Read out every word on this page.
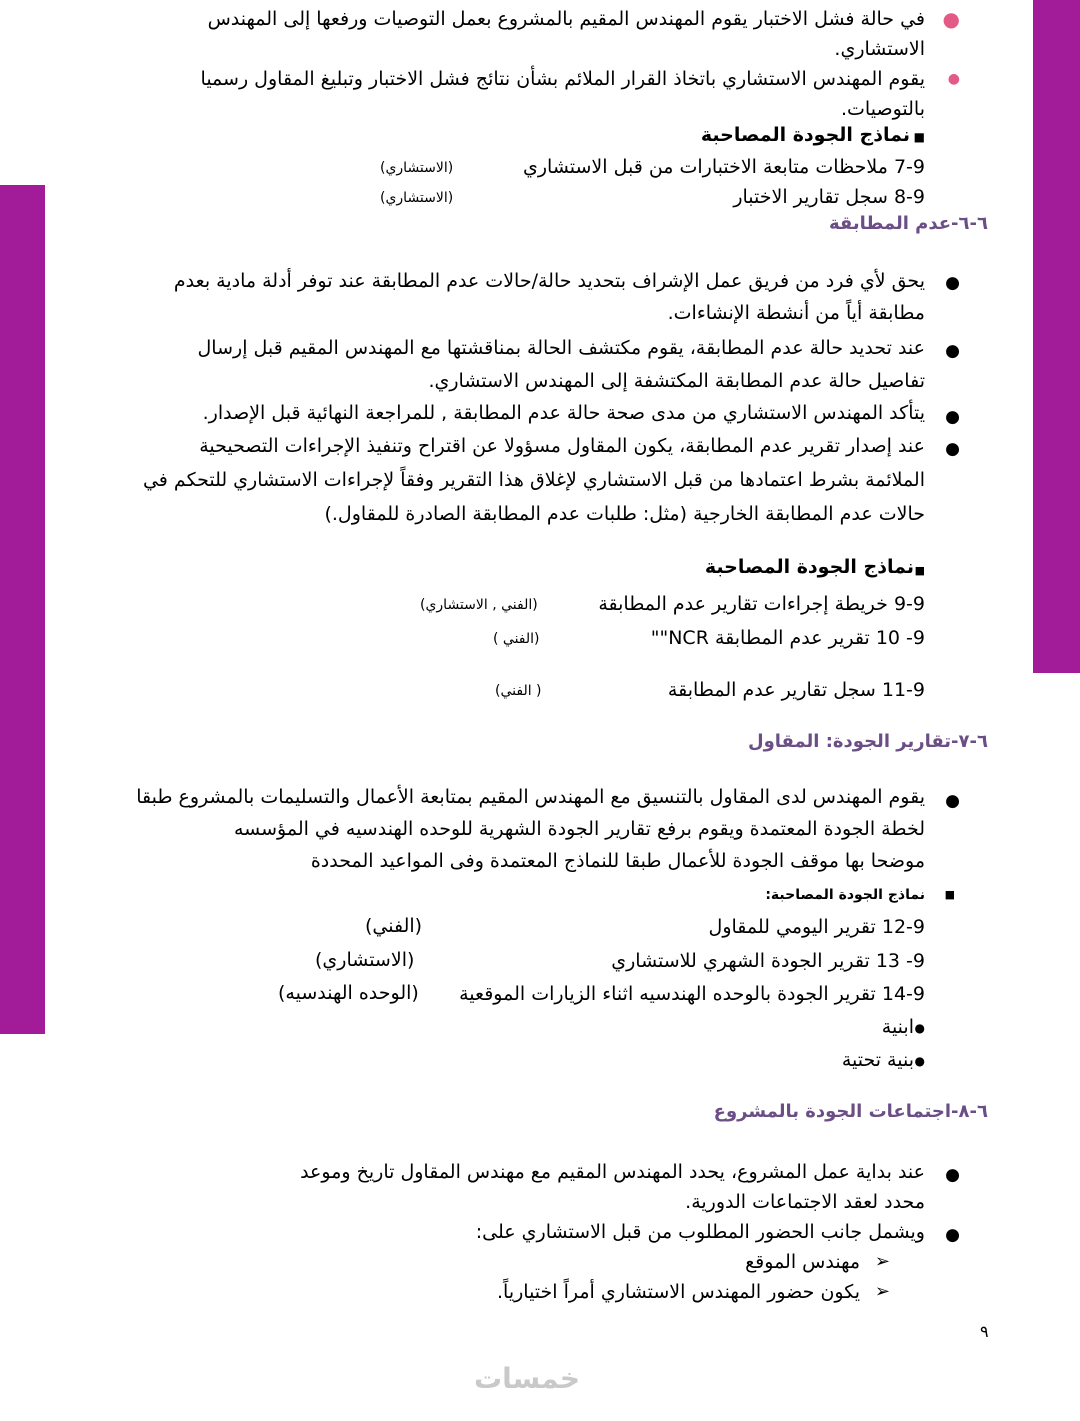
●
في حالة فشل الاختبار يقوم المهندس المقيم بالمشروع بعمل التوصيات ورفعها إلى المهندس
الاستشاري.
●
يقوم المهندس الاستشاري باتخاذ القرار الملائم بشأن نتائج فشل الاختبار وتبليغ المقاول رسميا
بالتوصيات.
■
نماذج الجودة المصاحبة
7-9 ملاحظات متابعة الاختبارات من قبل الاستشاري
(الاستشاري)
8-9 سجل تقارير الاختبار
(الاستشاري)
٦-٦-عدم المطابقة
●
يحق لأي فرد من فريق عمل الإشراف بتحديد حالة/حالات عدم المطابقة عند توفر أدلة مادية بعدم
مطابقة أياً من أنشطة الإنشاءات.
●
عند تحديد حالة عدم المطابقة، يقوم مكتشف الحالة بمناقشتها مع المهندس المقيم قبل إرسال
تفاصيل حالة عدم المطابقة المكتشفة إلى المهندس الاستشاري.
●
يتأكد المهندس الاستشاري من مدى صحة حالة عدم المطابقة , للمراجعة النهائية قبل الإصدار.
●
عند إصدار تقرير عدم المطابقة، يكون المقاول مسؤولا عن اقتراح وتنفيذ الإجراءات التصحيحية
الملائمة بشرط اعتمادها من قبل الاستشاري لإغلاق هذا التقرير وفقاً لإجراءات الاستشاري للتحكم في
حالات عدم المطابقة الخارجية (مثل: طلبات عدم المطابقة الصادرة للمقاول.)
■
نماذج الجودة المصاحبة
9-9 خريطة إجراءات تقارير عدم المطابقة
(الفني , الاستشاري)
9- 10 تقرير عدم المطابقة NCR""
(الفني )
11-9 سجل تقارير عدم المطابقة
( الفني)
٦-٧-تقارير الجودة: المقاول
●
يقوم المهندس لدى المقاول بالتنسيق مع المهندس المقيم بمتابعة الأعمال والتسليمات بالمشروع طبقا
لخطة الجودة المعتمدة ويقوم برفع تقارير الجودة الشهرية للوحده الهندسيه في المؤسسه
موضحا بها موقف الجودة للأعمال طبقا للنماذج المعتمدة وفى المواعيد المحددة
■
نماذج الجودة المصاحبة:
12-9 تقرير اليومي للمقاول
(الفني)
9- 13 تقرير الجودة الشهري للاستشاري
(الاستشاري)
14-9 تقرير الجودة بالوحده الهندسيه اثناء الزيارات الموقعية
(الوحده الهندسيه)
●
ابنية
●
بنية تحتية
٦-٨-اجتماعات الجودة بالمشروع
●
عند بداية عمل المشروع، يحدد المهندس المقيم مع مهندس المقاول تاريخ وموعد
محدد لعقد الاجتماعات الدورية.
●
ويشمل جانب الحضور المطلوب من قبل الاستشاري على:
➢
مهندس الموقع
➢
يكون حضور المهندس الاستشاري أمراً اختيارياً.
٩
خمسات
